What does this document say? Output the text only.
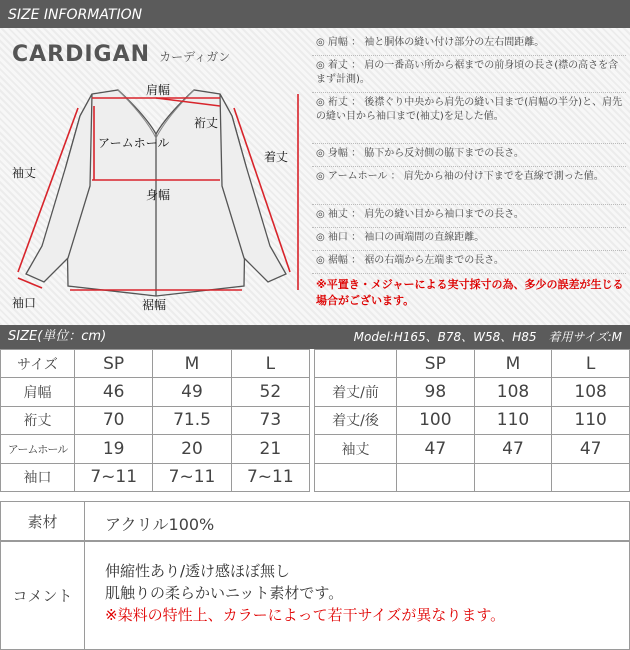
SIZE INFORMATION
CARDIGAN カーディガン
肩幅
裄丈
アームホール
着丈
袖丈
身幅
袖口	裾幅
◎ 肩幅 ： 袖と胴体の縫い付け部分の左右間距離。
◎ 着丈 ： 肩の一番高い所から裾までの前身頃の長さ(襟の高さを含まず計測)。
◎ 裄丈 ： 後襟ぐり中央から肩先の縫い目まで(肩幅の半分)と、肩先の縫い目から袖口まで(袖丈)を足した値。
◎ 身幅 ： 脇下から反対側の脇下までの長さ。
◎ アームホール ： 肩先から袖の付け下までを直線で測った値。
◎ 袖丈 ： 肩先の縫い目から袖口までの長さ。
◎ 袖口 ： 袖口の両端間の直線距離。
◎ 裾幅 ： 裾の右端から左端までの長さ。
※平置き・メジャーによる実寸採寸の為、多少の誤差が生じる場合がございます。
SIZE(単位：cm)	Model:H165、B78、W58、H85　着用サイズ:M
サイズ	SP	M	L
肩幅	46	49	52
裄丈	70	71.5	73
アームホール	19	20	21
袖口	7~11	7~11	7~11
	SP	M	L
着丈/前	98	108	108
着丈/後	100	110	110
袖丈	47	47	47

素材	アクリル100%
コメント
伸縮性あり/透け感ほぼ無し
肌触りの柔らかいニット素材です。
※染料の特性上、カラーによって若干サイズが異なります。
